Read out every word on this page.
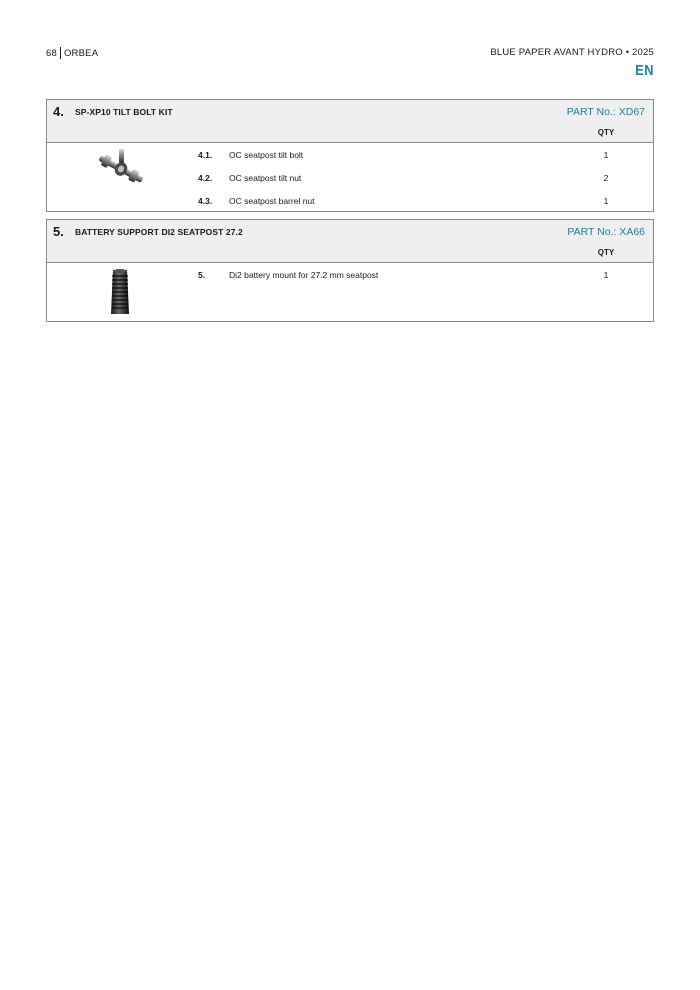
68 ORBEA	BLUE PAPER AVANT HYDRO • 2025
EN
4. SP-XP10 TILT BOLT KIT	PART No.: XD67
QTY
4.1. OC seatpost tilt bolt	1
4.2. OC seatpost tilt nut	2
4.3. OC seatpost barrel nut	1
5. BATTERY SUPPORT DI2 SEATPOST 27.2	PART No.: XA66
QTY
5.	Di2 battery mount for 27.2 mm seatpost	1
